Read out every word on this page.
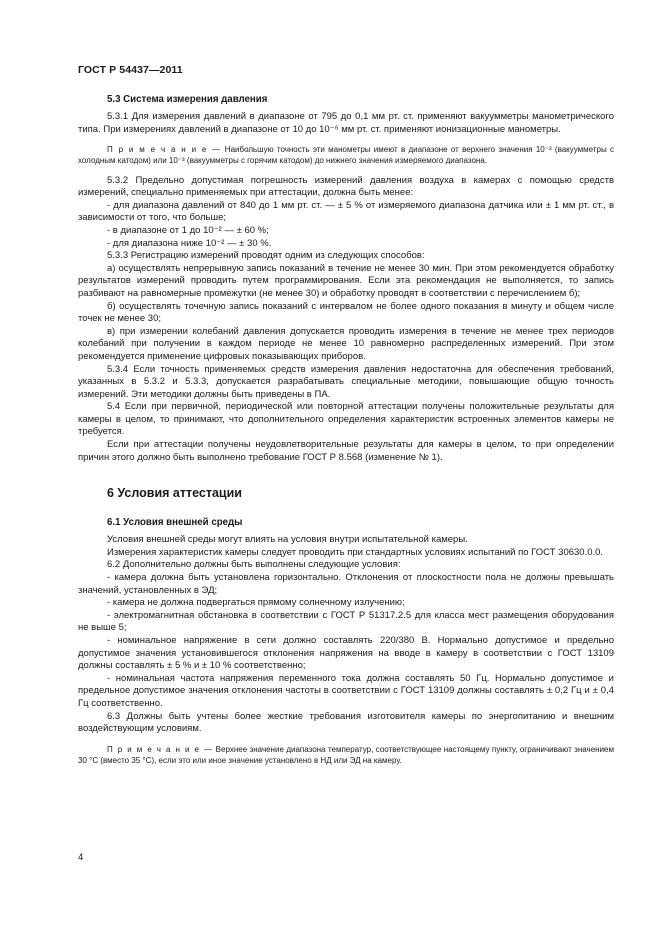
ГОСТ Р 54437—2011
5.3 Система измерения давления

5.3.1 Для измерения давлений в диапазоне от 795 до 0,1 мм рт. ст. применяют вакуумметры манометрического типа. При измерениях давлений в диапазоне от 10 до 10⁻⁶ мм рт. ст. применяют ионизационные манометры.

П р и м е ч а н и е — Наибольшую точность эти манометры имеют в диапазоне от верхнего значения 10⁻² (вакуумметры с холодным катодом) или 10⁻³ (вакуумметры с горячим катодом) до нижнего значения измеряемого диапазона.

5.3.2 Предельно допустимая погрешность измерений давления воздуха в камерах с помощью средств измерений, специально применяемых при аттестации, должна быть менее:

- для диапазона давлений от 840 до 1 мм рт. ст. — ± 5 % от измеряемого диапазона датчика или ± 1 мм рт. ст., в зависимости от того, что больше;

- в диапазоне от 1 до 10⁻² — ± 60 %;

- для диапазона ниже 10⁻² — ± 30 %.

5.3.3 Регистрацию измерений проводят одним из следующих способов:

а) осуществлять непрерывную запись показаний в течение не менее 30 мин. При этом рекомендуется обработку результатов измерений проводить путем программирования. Если эта рекомендация не выполняется, то запись разбивают на равномерные промежутки (не менее 30) и обработку проводят в соответствии с перечислением б);

б) осуществлять точечную запись показаний с интервалом не более одного показания в минуту и общем числе точек не менее 30;

в) при измерении колебаний давления допускается проводить измерения в течение не менее трех периодов колебаний при получении в каждом периоде не менее 10 равномерно распределенных измерений. При этом рекомендуется применение цифровых показывающих приборов.

5.3.4 Если точность применяемых средств измерения давления недостаточна для обеспечения требований, указанных в 5.3.2 и 5.3.3, допускается разрабатывать специальные методики, повышающие общую точность измерений. Эти методики должны быть приведены в ПА.

5.4 Если при первичной, периодической или повторной аттестации получены положительные результаты для камеры в целом, то принимают, что дополнительного определения характеристик встроенных элементов камеры не требуется.

Если при аттестации получены неудовлетворительные результаты для камеры в целом, то при определении причин этого должно быть выполнено требование ГОСТ Р 8.568 (изменение № 1).

6 Условия аттестации
6.1 Условия внешней среды

Условия внешней среды могут влиять на условия внутри испытательной камеры.

Измерения характеристик камеры следует проводить при стандартных условиях испытаний по ГОСТ 30630.0.0.

6.2 Дополнительно должны быть выполнены следующие условия:

- камера должна быть установлена горизонтально. Отклонения от плоскостности пола не должны превышать значений, установленных в ЭД;

- камера не должна подвергаться прямому солнечному излучению;

- электромагнитная обстановка в соответствии с ГОСТ Р 51317.2.5 для класса мест размещения оборудования не выше 5;

- номинальное напряжение в сети должно составлять 220/380 В. Нормально допустимое и предельно допустимое значения установившегося отклонения напряжения на вводе в камеру в соответствии с ГОСТ 13109 должны составлять ± 5 % и ± 10 % соответственно;

- номинальная частота напряжения переменного тока должна составлять 50 Гц. Нормально допустимое и предельное допустимое значения отклонения частоты в соответствии с ГОСТ 13109 должны составлять ± 0,2 Гц и ± 0,4 Гц соответственно.

6.3 Должны быть учтены более жесткие требования изготовителя камеры по энергопитанию и внешним воздействующим условиям.

П р и м е ч а н и е — Верхнее значение диапазона температур, соответствующее настоящему пункту, ограничивают значением 30 °С (вместо 35 °С), если это или иное значение установлено в НД или ЭД на камеру.
4
